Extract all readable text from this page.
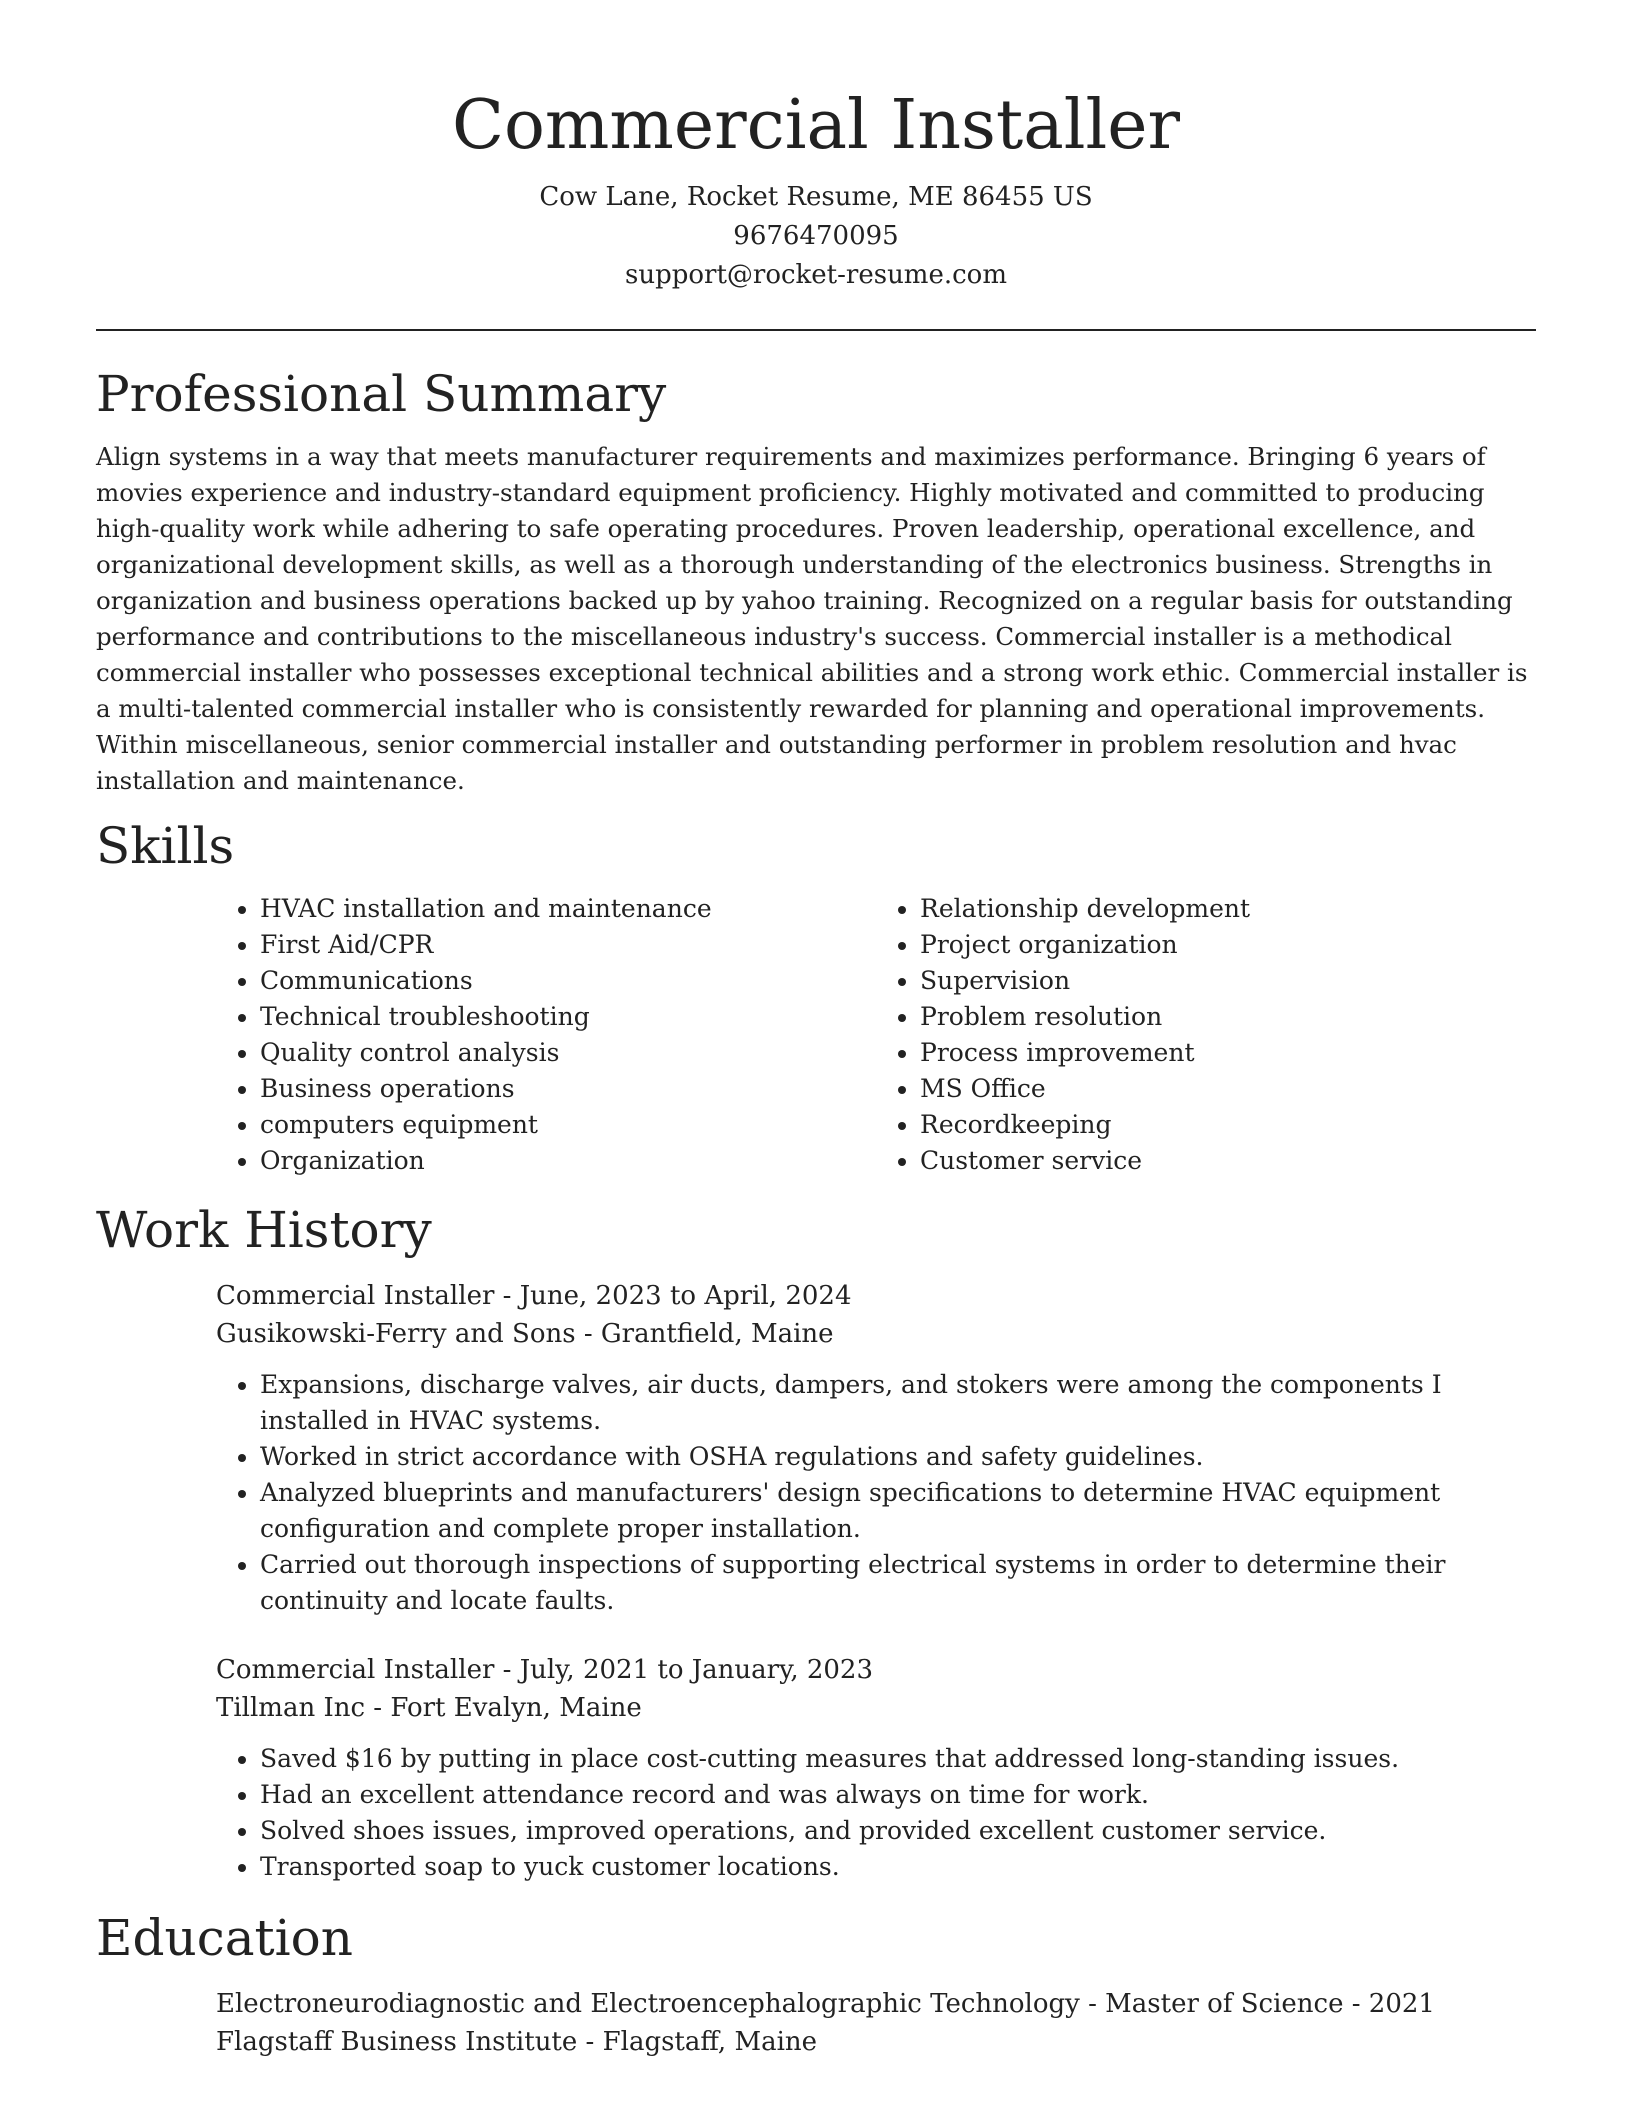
Commercial Installer

Cow Lane, Rocket Resume, ME 86455 US

9676470095

support@rocket-resume.com

Professional Summary

Align systems in a way that meets manufacturer requirements and maximizes performance. Bringing 6 years of movies experience and industry-standard equipment proficiency. Highly motivated and committed to producing high-quality work while adhering to safe operating procedures. Proven leadership, operational excellence, and organizational development skills, as well as a thorough understanding of the electronics business. Strengths in organization and business operations backed up by yahoo training. Recognized on a regular basis for outstanding performance and contributions to the miscellaneous industry's success. Commercial installer is a methodical commercial installer who possesses exceptional technical abilities and a strong work ethic. Commercial installer is a multi-talented commercial installer who is consistently rewarded for planning and operational improvements. Within miscellaneous, senior commercial installer and outstanding performer in problem resolution and hvac installation and maintenance.

Skills
• HVAC installation and maintenance
• First Aid/CPR
• Communications
• Technical troubleshooting
• Quality control analysis
• Business operations
• computers equipment
• Organization
• Relationship development
• Project organization
• Supervision
• Problem resolution
• Process improvement
• MS Office
• Recordkeeping
• Customer service
Work History

Commercial Installer - June, 2023 to April, 2024

Gusikowski-Ferry and Sons - Grantfield, Maine

• Expansions, discharge valves, air ducts, dampers, and stokers were among the components I installed in HVAC systems.
• Worked in strict accordance with OSHA regulations and safety guidelines.
• Analyzed blueprints and manufacturers' design specifications to determine HVAC equipment configuration and complete proper installation.
• Carried out thorough inspections of supporting electrical systems in order to determine their continuity and locate faults.

Commercial Installer - July, 2021 to January, 2023

Tillman Inc - Fort Evalyn, Maine

• Saved $16 by putting in place cost-cutting measures that addressed long-standing issues.
• Had an excellent attendance record and was always on time for work.
• Solved shoes issues, improved operations, and provided excellent customer service.
• Transported soap to yuck customer locations.
Education

Electroneurodiagnostic and Electroencephalographic Technology - Master of Science - 2021

Flagstaff Business Institute - Flagstaff, Maine
